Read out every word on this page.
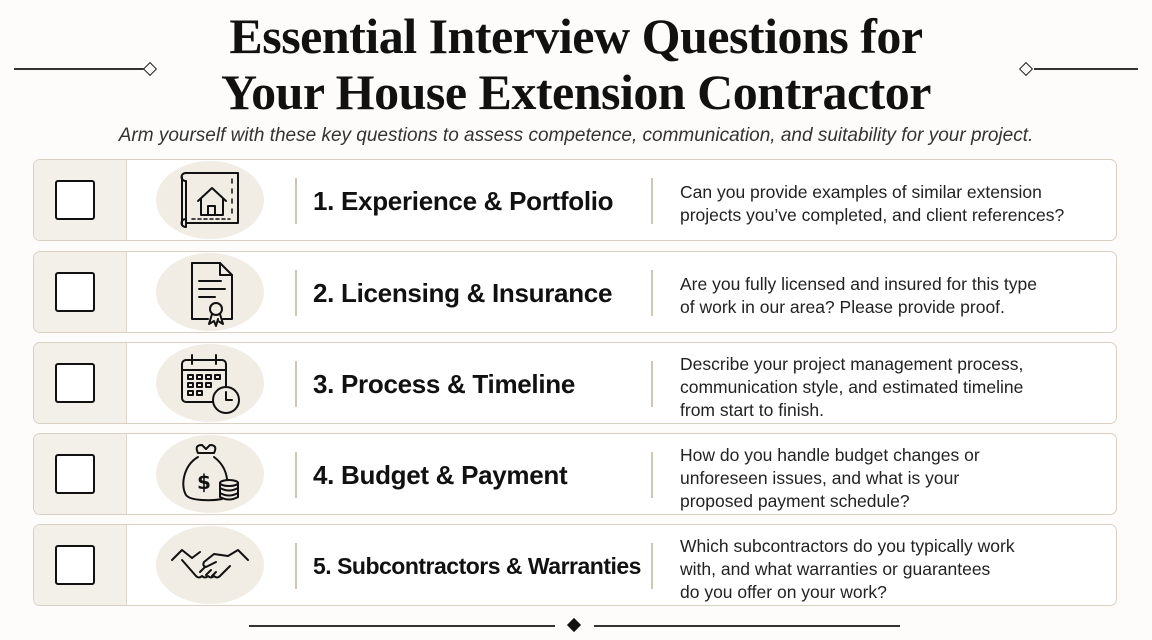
Essential Interview Questions for
Your House Extension Contractor
Arm yourself with these key questions to assess competence, communication, and suitability for your project.
1. Experience & Portfolio	Can you provide examples of similar extension
projects you’ve completed, and client references?
2. Licensing & Insurance	Are you fully licensed and insured for this type
of work in our area? Please provide proof.
3. Process & Timeline
Describe your project management process,
communication style, and estimated timeline
from start to finish.
$	4. Budget & Payment
How do you handle budget changes or
unforeseen issues, and what is your
proposed payment schedule?
5. Subcontractors & Warranties
Which subcontractors do you typically work
with, and what warranties or guarantees
do you offer on your work?
